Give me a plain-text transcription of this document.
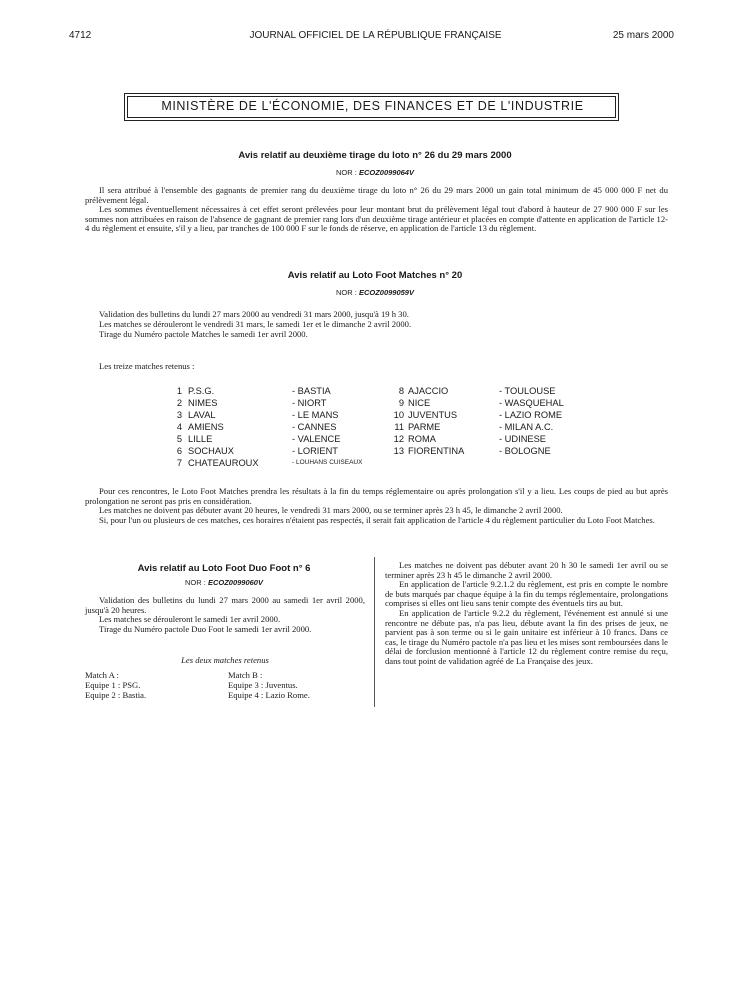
4712	JOURNAL OFFICIEL DE LA RÉPUBLIQUE FRANÇAISE	25 mars 2000
MINISTÈRE DE L'ÉCONOMIE, DES FINANCES ET DE L'INDUSTRIE
Avis relatif au deuxième tirage du loto n° 26 du 29 mars 2000
NOR : ECOZ0099064V

Il sera attribué à l'ensemble des gagnants de premier rang du deuxième tirage du loto n° 26 du 29 mars 2000 un gain total minimum de 45 000 000 F net du prélèvement légal.

Les sommes éventuellement nécessaires à cet effet seront prélevées pour leur montant brut du prélèvement légal tout d'abord à hauteur de 27 900 000 F sur les sommes non attribuées en raison de l'absence de gagnant de premier rang lors d'un deuxième tirage antérieur et placées en compte d'attente en application de l'article 12-4 du règlement et ensuite, s'il y a lieu, par tranches de 100 000 F sur le fonds de réserve, en application de l'article 13 du règlement.

Avis relatif au Loto Foot Matches n° 20
NOR : ECOZ0099059V
Validation des bulletins du lundi 27 mars 2000 au vendredi 31 mars 2000, jusqu'à 19 h 30.
Les matches se dérouleront le vendredi 31 mars, le samedi 1er et le dimanche 2 avril 2000.
Tirage du Numéro pactole Matches le samedi 1er avril 2000.
Les treize matches retenus :
1
2
3
4
5
6
7
P.S.G.
NIMES
LAVAL
AMIENS
LILLE
SOCHAUX
CHATEAUROUX
- BASTIA
- NIORT
- LE MANS
- CANNES
- VALENCE
- LORIENT
- LOUHANS CUISEAUX
8
9
10
11
12
13
AJACCIO
NICE
JUVENTUS
PARME
ROMA
FIORENTINA
- TOULOUSE
- WASQUEHAL
- LAZIO ROME
- MILAN A.C.
- UDINESE
- BOLOGNE

Pour ces rencontres, le Loto Foot Matches prendra les résultats à la fin du temps réglementaire ou après prolongation s'il y a lieu. Les coups de pied au but après prolongation ne seront pas pris en considération.

Les matches ne doivent pas débuter avant 20 heures, le vendredi 31 mars 2000, ou se terminer après 23 h 45, le dimanche 2 avril 2000.

Si, pour l'un ou plusieurs de ces matches, ces horaires n'étaient pas respectés, il serait fait application de l'article 4 du règlement particulier du Loto Foot Matches.

Avis relatif au Loto Foot Duo Foot n° 6
NOR : ECOZ0099060V

Validation des bulletins du lundi 27 mars 2000 au samedi 1er avril 2000, jusqu'à 20 heures.

Les matches se dérouleront le samedi 1er avril 2000.

Tirage du Numéro pactole Duo Foot le samedi 1er avril 2000.

Les deux matches retenus
Match A :
Equipe 1 : PSG.
Equipe 2 : Bastia.
Match B :
Equipe 3 : Juventus.
Equipe 4 : Lazio Rome.

Les matches ne doivent pas débuter avant 20 h 30 le samedi 1er avril ou se terminer après 23 h 45 le dimanche 2 avril 2000.

En application de l'article 9.2.1.2 du règlement, est pris en compte le nombre de buts marqués par chaque équipe à la fin du temps réglementaire, prolongations comprises si elles ont lieu sans tenir compte des éventuels tirs au but.

En application de l'article 9.2.2 du règlement, l'événement est annulé si une rencontre ne débute pas, n'a pas lieu, débute avant la fin des prises de jeux, ne parvient pas à son terme ou si le gain unitaire est inférieur à 10 francs. Dans ce cas, le tirage du Numéro pactole n'a pas lieu et les mises sont remboursées dans le délai de forclusion mentionné à l'article 12 du règlement contre remise du reçu, dans tout point de validation agréé de La Française des jeux.
